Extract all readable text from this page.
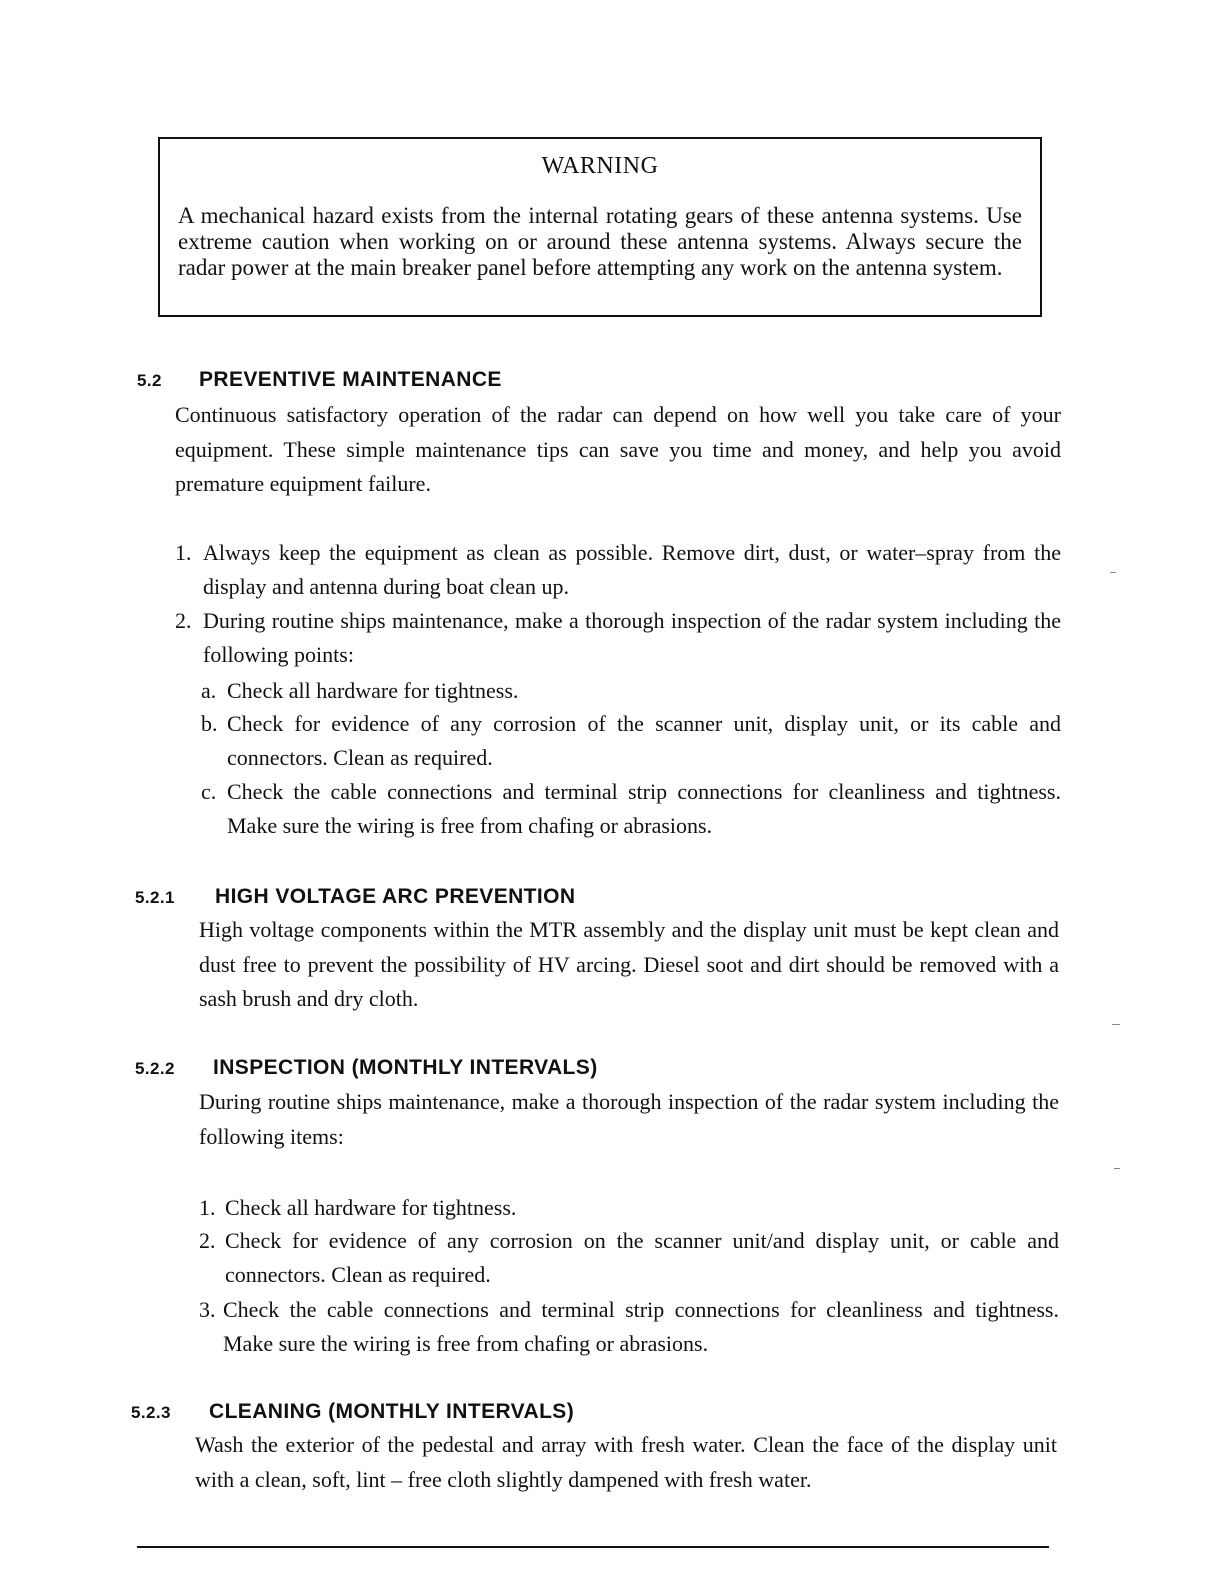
WARNING
A mechanical hazard exists from the internal rotating gears of these antenna systems. Use extreme caution when working on or around these antenna systems. Always secure the radar power at the main breaker panel before attempting any work on the antenna system.
5.2 PREVENTIVE MAINTENANCE
Continuous satisfactory operation of the radar can depend on how well you take care of your equipment. These simple maintenance tips can save you time and money, and help you avoid premature equipment failure.
1. Always keep the equipment as clean as possible. Remove dirt, dust, or water–spray from the display and antenna during boat clean up.
2. During routine ships maintenance, make a thorough inspection of the radar system including the following points:
a. Check all hardware for tightness.
b. Check for evidence of any corrosion of the scanner unit, display unit, or its cable and connectors. Clean as required.
c. Check the cable connections and terminal strip connections for cleanliness and tightness. Make sure the wiring is free from chafing or abrasions.
5.2.1 HIGH VOLTAGE ARC PREVENTION
High voltage components within the MTR assembly and the display unit must be kept clean and dust free to prevent the possibility of HV arcing. Diesel soot and dirt should be removed with a sash brush and dry cloth.
5.2.2 INSPECTION (MONTHLY INTERVALS)
During routine ships maintenance, make a thorough inspection of the radar system including the following items:
1. Check all hardware for tightness.
2. Check for evidence of any corrosion on the scanner unit/and display unit, or cable and connectors. Clean as required.
3. Check the cable connections and terminal strip connections for cleanliness and tightness. Make sure the wiring is free from chafing or abrasions.
5.2.3 CLEANING (MONTHLY INTERVALS)
Wash the exterior of the pedestal and array with fresh water. Clean the face of the display unit with a clean, soft, lint – free cloth slightly dampened with fresh water.
